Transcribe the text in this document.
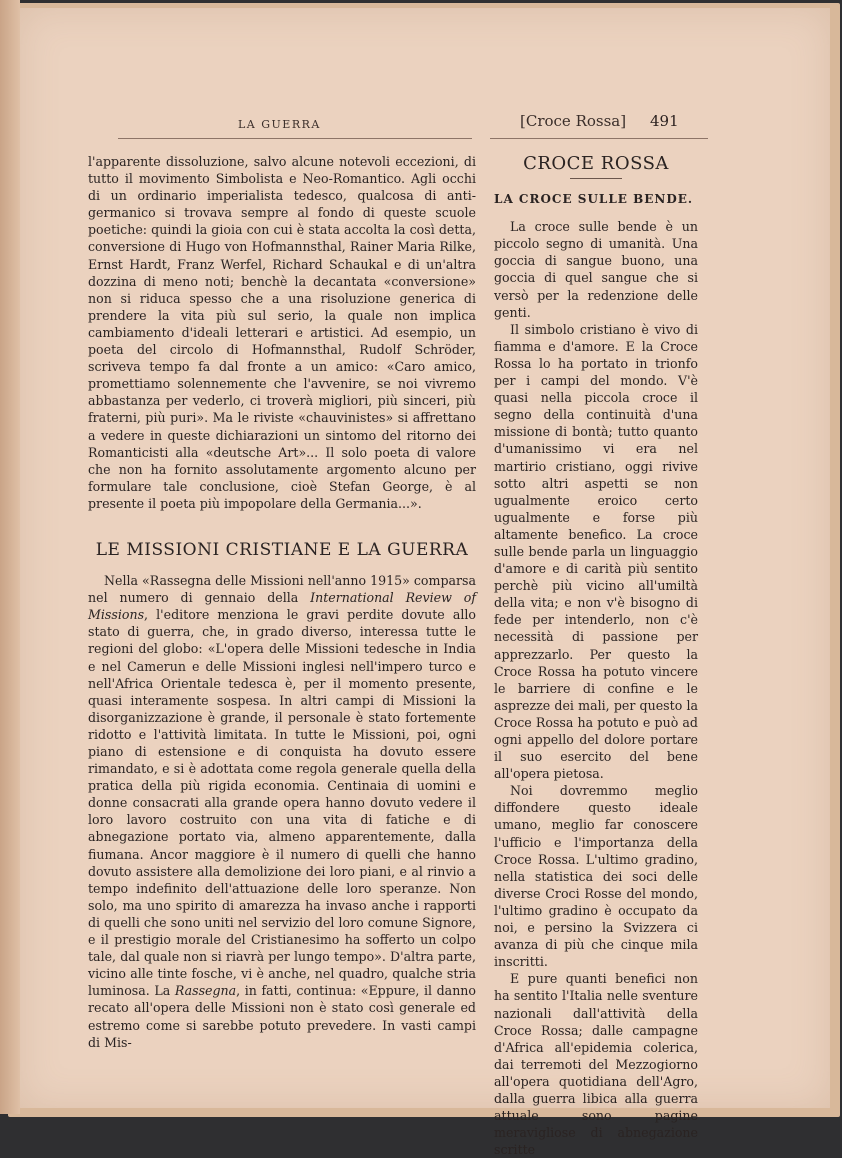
LA GUERRA	[Croce Rossa] 491

l'apparente dissoluzione, salvo alcune notevoli eccezioni, di tutto il movimento Simbolista e Neo-Romantico. Agli occhi di un ordinario imperialista tedesco, qualcosa di anti-germanico si trovava sempre al fondo di queste scuole poetiche: quindi la gioia con cui è stata accolta la così detta, conversione di Hugo von Hofmannsthal, Rainer Maria Rilke, Ernst Hardt, Franz Werfel, Richard Schaukal e di un'altra dozzina di meno noti; benchè la decantata «conversione» non si riduca spesso che a una risoluzione generica di prendere la vita più sul serio, la quale non implica cambiamento d'ideali letterari e artistici. Ad esempio, un poeta del circolo di Hofmannsthal, Rudolf Schröder, scriveva tempo fa dal fronte a un amico: «Caro amico, promettiamo solennemente che l'avvenire, se noi vivremo abbastanza per vederlo, ci troverà migliori, più sinceri, più fraterni, più puri». Ma le riviste «chauvinistes» si affrettano a vedere in queste dichiarazioni un sintomo del ritorno dei Romanticisti alla «deutsche Art»... Il solo poeta di valore che non ha fornito assolutamente argomento alcuno per formulare tale conclusione, cioè Stefan George, è al presente il poeta più impopolare della Germania...».

LE MISSIONI CRISTIANE E LA GUERRA

Nella «Rassegna delle Missioni nell'anno 1915» comparsa nel numero di gennaio della International Review of Missions, l'editore menziona le gravi perdite dovute allo stato di guerra, che, in grado diverso, interessa tutte le regioni del globo: «L'opera delle Missioni tedesche in India e nel Camerun e delle Missioni inglesi nell'impero turco e nell'Africa Orientale tedesca è, per il momento presente, quasi interamente sospesa. In altri campi di Missioni la disorganizzazione è grande, il personale è stato fortemente ridotto e l'attività limitata. In tutte le Missioni, poi, ogni piano di estensione e di conquista ha dovuto essere rimandato, e si è adottata come regola generale quella della pratica della più rigida economia. Centinaia di uomini e donne consacrati alla grande opera hanno dovuto vedere il loro lavoro costruito con una vita di fatiche e di abnegazione portato via, almeno apparentemente, dalla fiumana. Ancor maggiore è il numero di quelli che hanno dovuto assistere alla demolizione dei loro piani, e al rinvio a tempo indefinito dell'attuazione delle loro speranze. Non solo, ma uno spirito di amarezza ha invaso anche i rapporti di quelli che sono uniti nel servizio del loro comune Signore, e il prestigio morale del Cristianesimo ha sofferto un colpo tale, dal quale non si riavrà per lungo tempo». D'altra parte, vicino alle tinte fosche, vi è anche, nel quadro, qualche stria luminosa. La Rassegna, in fatti, continua: «Eppure, il danno recato all'opera delle Missioni non è stato così generale ed estremo come si sarebbe potuto prevedere. In vasti campi di Mis-

CROCE ROSSA
LA CROCE SULLE BENDE.

La croce sulle bende è un piccolo segno di umanità. Una goccia di sangue buono, una goccia di quel sangue che si versò per la redenzione delle genti.

Il simbolo cristiano è vivo di fiamma e d'amore. E la Croce Rossa lo ha portato in trionfo per i campi del mondo. V'è quasi nella piccola croce il segno della continuità d'una missione di bontà; tutto quanto d'umanissimo vi era nel martirio cristiano, oggi rivive sotto altri aspetti se non ugualmente eroico certo ugualmente e forse più altamente benefico. La croce sulle bende parla un linguaggio d'amore e di carità più sentito perchè più vicino all'umiltà della vita; e non v'è bisogno di fede per intenderlo, non c'è necessità di passione per apprezzarlo. Per questo la Croce Rossa ha potuto vincere le barriere di confine e le asprezze dei mali, per questo la Croce Rossa ha potuto e può ad ogni appello del dolore portare il suo esercito del bene all'opera pietosa.

Noi dovremmo meglio diffondere questo ideale umano, meglio far conoscere l'ufficio e l'importanza della Croce Rossa. L'ultimo gradino, nella statistica dei soci delle diverse Croci Rosse del mondo, l'ultimo gradino è occupato da noi, e persino la Svizzera ci avanza di più che cinque mila inscritti.

E pure quanti benefici non ha sentito l'Italia nelle sventure nazionali dall'attività della Croce Rossa; dalle campagne d'Africa all'epidemia colerica, dai terremoti del Mezzogiorno all'opera quotidiana dell'Agro, dalla guerra libica alla guerra attuale sono pagine meravigliose di abnegazione scritte
